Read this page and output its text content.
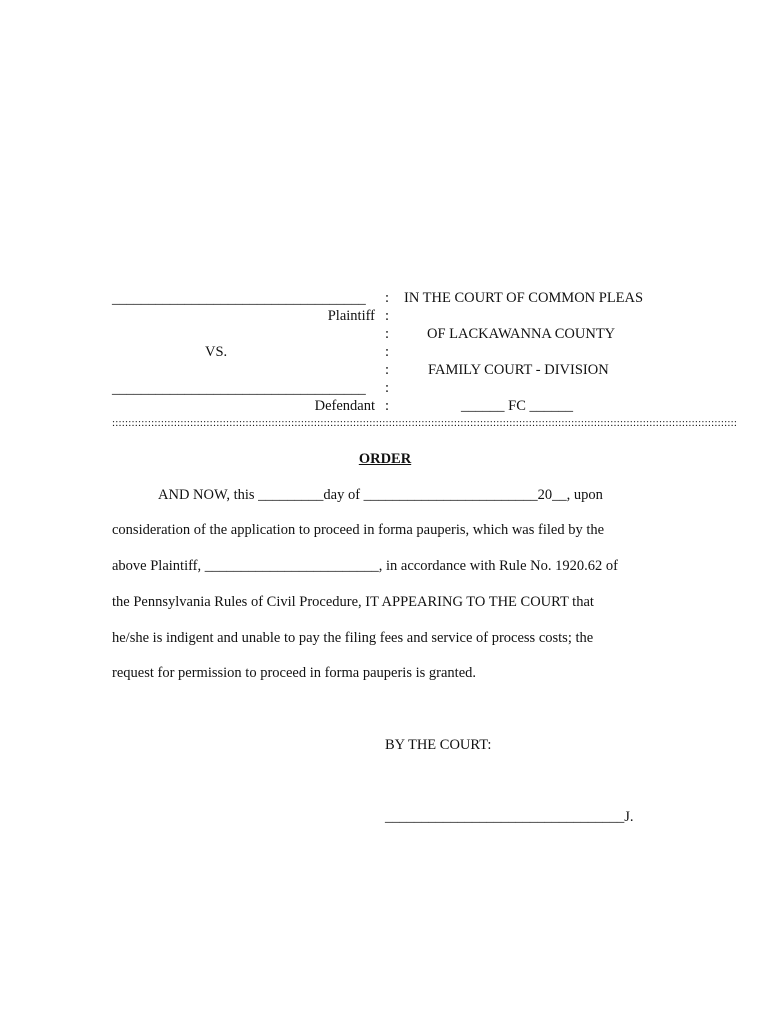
___________________________________	: IN THE COURT OF COMMON PLEAS
Plaintiff :
:	OF LACKAWANNA COUNTY
VS.	:
:	FAMILY COURT - DIVISION
___________________________________	:
Defendant :	______ FC ______
::::::::::::::::::::::::::::::::::::::::::::::::::::::::::::::::::::::::::::::::::::::::::::::::::::::::::::::::::::::::::::::::::::::::::::::::::::::::::::::::::::::::::::::::::::::::::::::::
ORDER
AND NOW, this _________day of ________________________20__, upon
consideration of the application to proceed in forma pauperis, which was filed by the
above Plaintiff, ________________________, in accordance with Rule No. 1920.62 of
the Pennsylvania Rules of Civil Procedure, IT APPEARING TO THE COURT that
he/she is indigent and unable to pay the filing fees and service of process costs; the
request for permission to proceed in forma pauperis is granted.
BY THE COURT:
_________________________________J.
